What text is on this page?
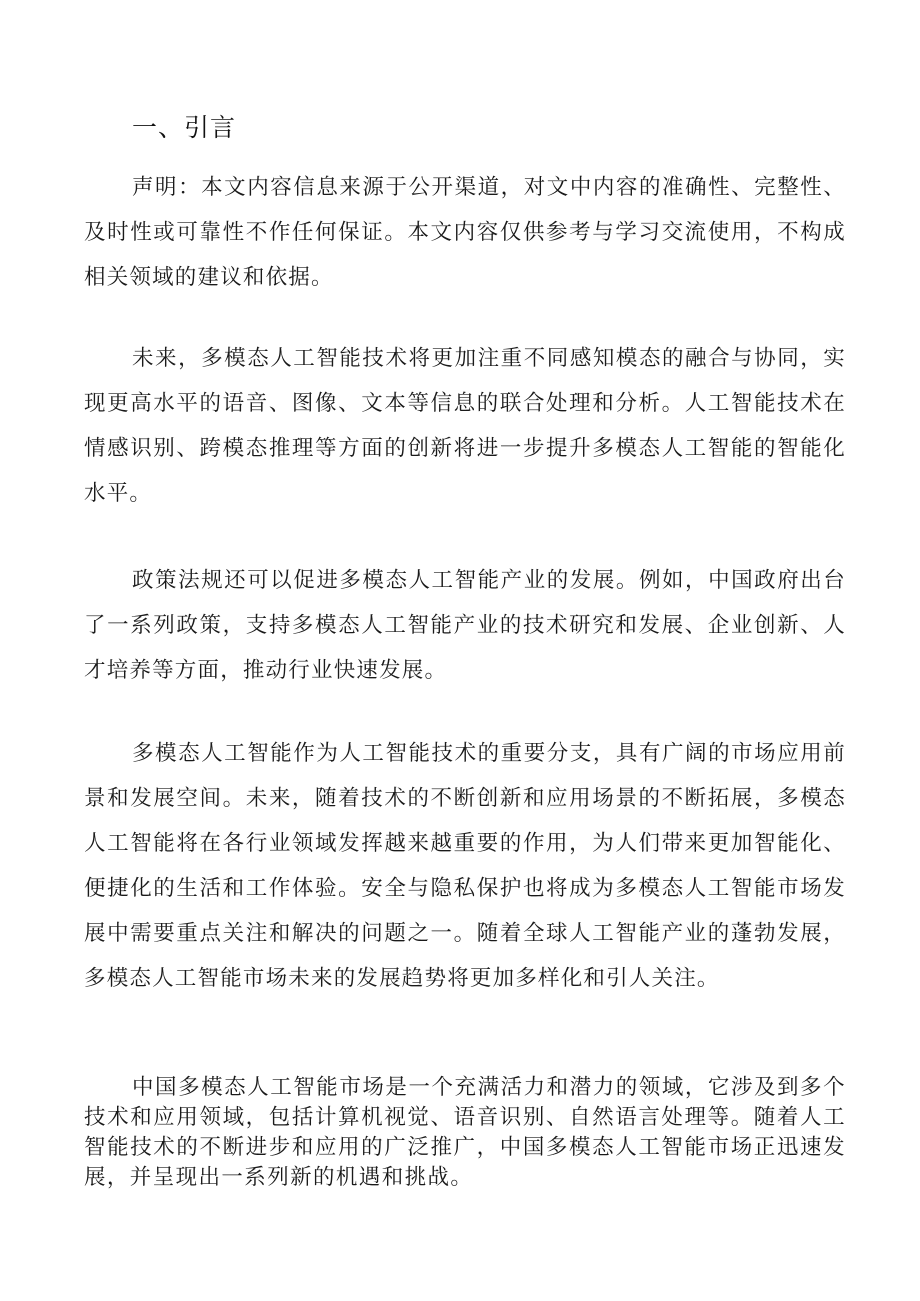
一、引言

声明：本文内容信息来源于公开渠道，对文中内容的准确性、完整性、及时性或可靠性不作任何保证。本文内容仅供参考与学习交流使用，不构成相关领域的建议和依据。

未来，多模态人工智能技术将更加注重不同感知模态的融合与协同，实现更高水平的语音、图像、文本等信息的联合处理和分析。人工智能技术在情感识别、跨模态推理等方面的创新将进一步提升多模态人工智能的智能化水平。

政策法规还可以促进多模态人工智能产业的发展。例如，中国政府出台了一系列政策，支持多模态人工智能产业的技术研究和发展、企业创新、人才培养等方面，推动行业快速发展。

多模态人工智能作为人工智能技术的重要分支，具有广阔的市场应用前景和发展空间。未来，随着技术的不断创新和应用场景的不断拓展，多模态人工智能将在各行业领域发挥越来越重要的作用，为人们带来更加智能化、便捷化的生活和工作体验。安全与隐私保护也将成为多模态人工智能市场发展中需要重点关注和解决的问题之一。随着全球人工智能产业的蓬勃发展，多模态人工智能市场未来的发展趋势将更加多样化和引人关注。

中国多模态人工智能市场是一个充满活力和潜力的领域，它涉及到多个技术和应用领域，包括计算机视觉、语音识别、自然语言处理等。随着人工智能技术的不断进步和应用的广泛推广，中国多模态人工智能市场正迅速发展，并呈现出一系列新的机遇和挑战。
